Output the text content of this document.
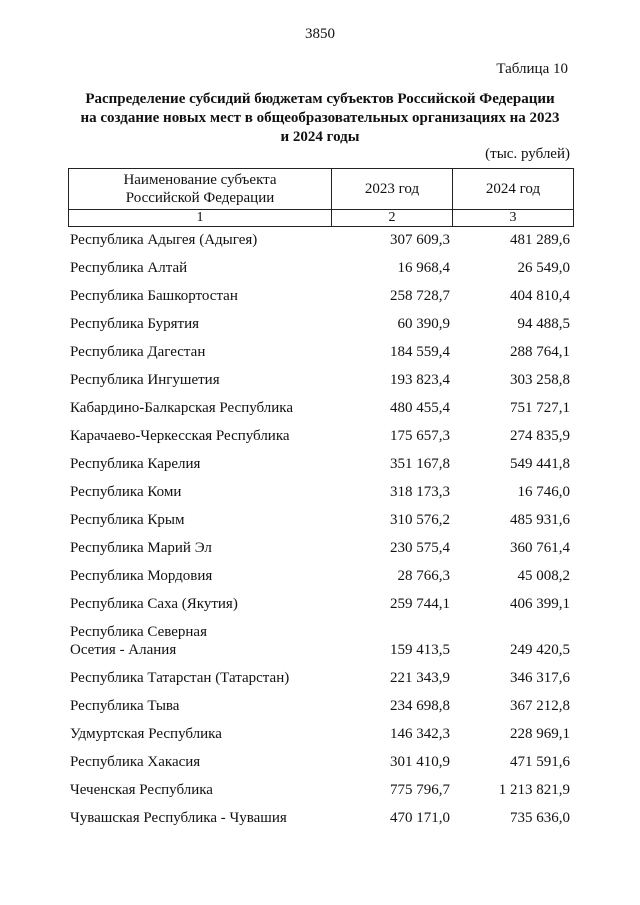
3850
Таблица 10
Распределение субсидий бюджетам субъектов Российской Федерации
на создание новых мест в общеобразовательных организациях на 2023
и 2024 годы
(тыс. рублей)
Наименование субъекта
Российской Федерации	2023 год	2024 год
1	2	3
Республика Адыгея (Адыгея)	307 609,3	481 289,6
Республика Алтай	16 968,4	26 549,0
Республика Башкортостан	258 728,7	404 810,4
Республика Бурятия	60 390,9	94 488,5
Республика Дагестан	184 559,4	288 764,1
Республика Ингушетия	193 823,4	303 258,8
Кабардино-Балкарская Республика	480 455,4	751 727,1
Карачаево-Черкесская Республика	175 657,3	274 835,9
Республика Карелия	351 167,8	549 441,8
Республика Коми	318 173,3	16 746,0
Республика Крым	310 576,2	485 931,6
Республика Марий Эл	230 575,4	360 761,4
Республика Мордовия	28 766,3	45 008,2
Республика Саха (Якутия)	259 744,1	406 399,1
Республика Северная
Осетия - Алания	159 413,5	249 420,5
Республика Татарстан (Татарстан)	221 343,9	346 317,6
Республика Тыва	234 698,8	367 212,8
Удмуртская Республика	146 342,3	228 969,1
Республика Хакасия	301 410,9	471 591,6
Чеченская Республика	775 796,7	1 213 821,9
Чувашская Республика - Чувашия	470 171,0	735 636,0
